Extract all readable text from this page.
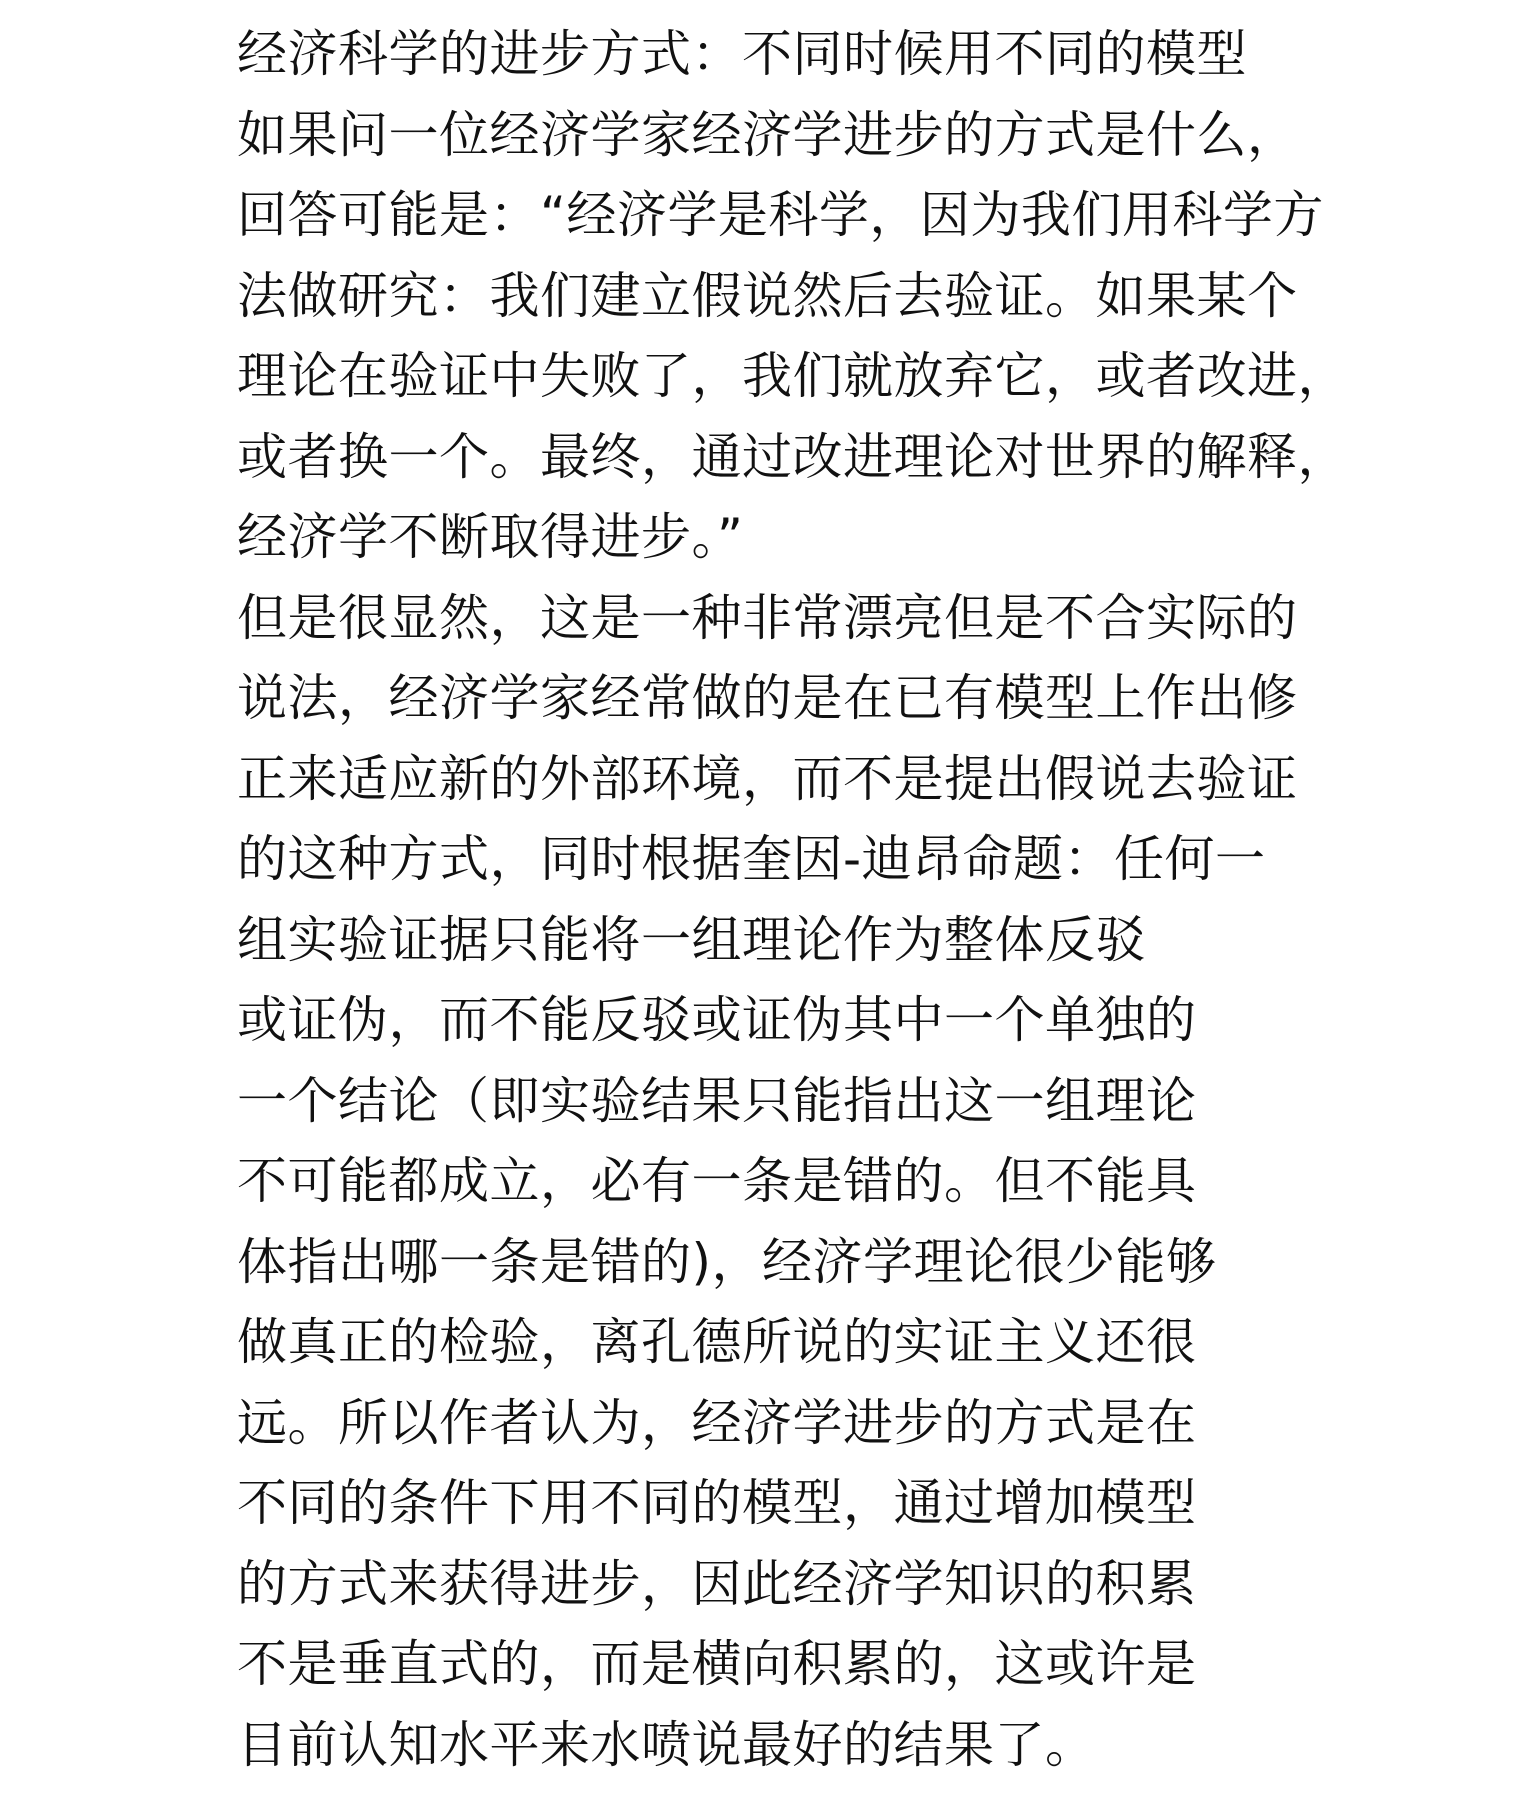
经济科学的进步方式：不同时候用不同的模型
如果问一位经济学家经济学进步的方式是什么，
回答可能是：“经济学是科学，因为我们用科学方
法做研究：我们建立假说然后去验证。如果某个
理论在验证中失败了，我们就放弃它，或者改进，
或者换一个。最终，通过改进理论对世界的解释，
经济学不断取得进步。”
但是很显然，这是一种非常漂亮但是不合实际的
说法，经济学家经常做的是在已有模型上作出修
正来适应新的外部环境，而不是提出假说去验证
的这种方式，同时根据奎因-迪昂命题：任何一
组实验证据只能将一组理论作为整体反驳
或证伪，而不能反驳或证伪其中一个单独的
一个结论（即实验结果只能指出这一组理论
不可能都成立，必有一条是错的。但不能具
体指出哪一条是错的)，经济学理论很少能够
做真正的检验，离孔德所说的实证主义还很
远。所以作者认为，经济学进步的方式是在
不同的条件下用不同的模型，通过增加模型
的方式来获得进步，因此经济学知识的积累
不是垂直式的，而是横向积累的，这或许是
目前认知水平来水喷说最好的结果了。
